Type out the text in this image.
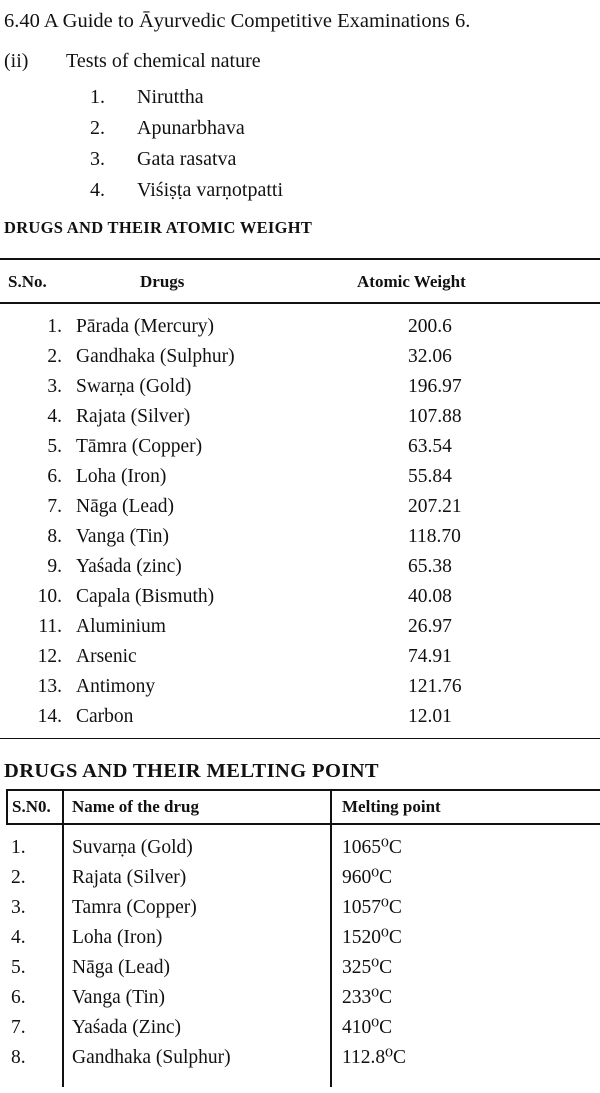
6.40 A Guide to Āyurvedic Competitive Examinations 6.
(ii) Tests of chemical nature
1. Niruttha
2. Apunarbhava
3. Gata rasatva
4. Viśiṣṭa varṇotpatti
DRUGS AND THEIR ATOMIC WEIGHT
S.No.	Drugs	Atomic Weight
1. Pārada (Mercury)	200.6
2. Gandhaka (Sulphur)	32.06
3. Swarṇa (Gold)	196.97
4. Rajata (Silver)	107.88
5. Tāmra (Copper)	63.54
6. Loha (Iron)	55.84
7. Nāga (Lead)	207.21
8. Vanga (Tin)	118.70
9. Yaśada (zinc)	65.38
10. Capala (Bismuth)	40.08
11. Aluminium	26.97
12. Arsenic	74.91
13. Antimony	121.76
14. Carbon	12.01
DRUGS AND THEIR MELTING POINT
S.N0.	Name of the drug	Melting point
1.	Suvarṇa (Gold)	1065⁰C
2.	Rajata (Silver)	960⁰C
3.	Tamra (Copper)	1057⁰C
4.	Loha (Iron)	1520⁰C
5.	Nāga (Lead)	325⁰C
6.	Vanga (Tin)	233⁰C
7.	Yaśada (Zinc)	410⁰C
8.	Gandhaka (Sulphur)	112.8⁰C
